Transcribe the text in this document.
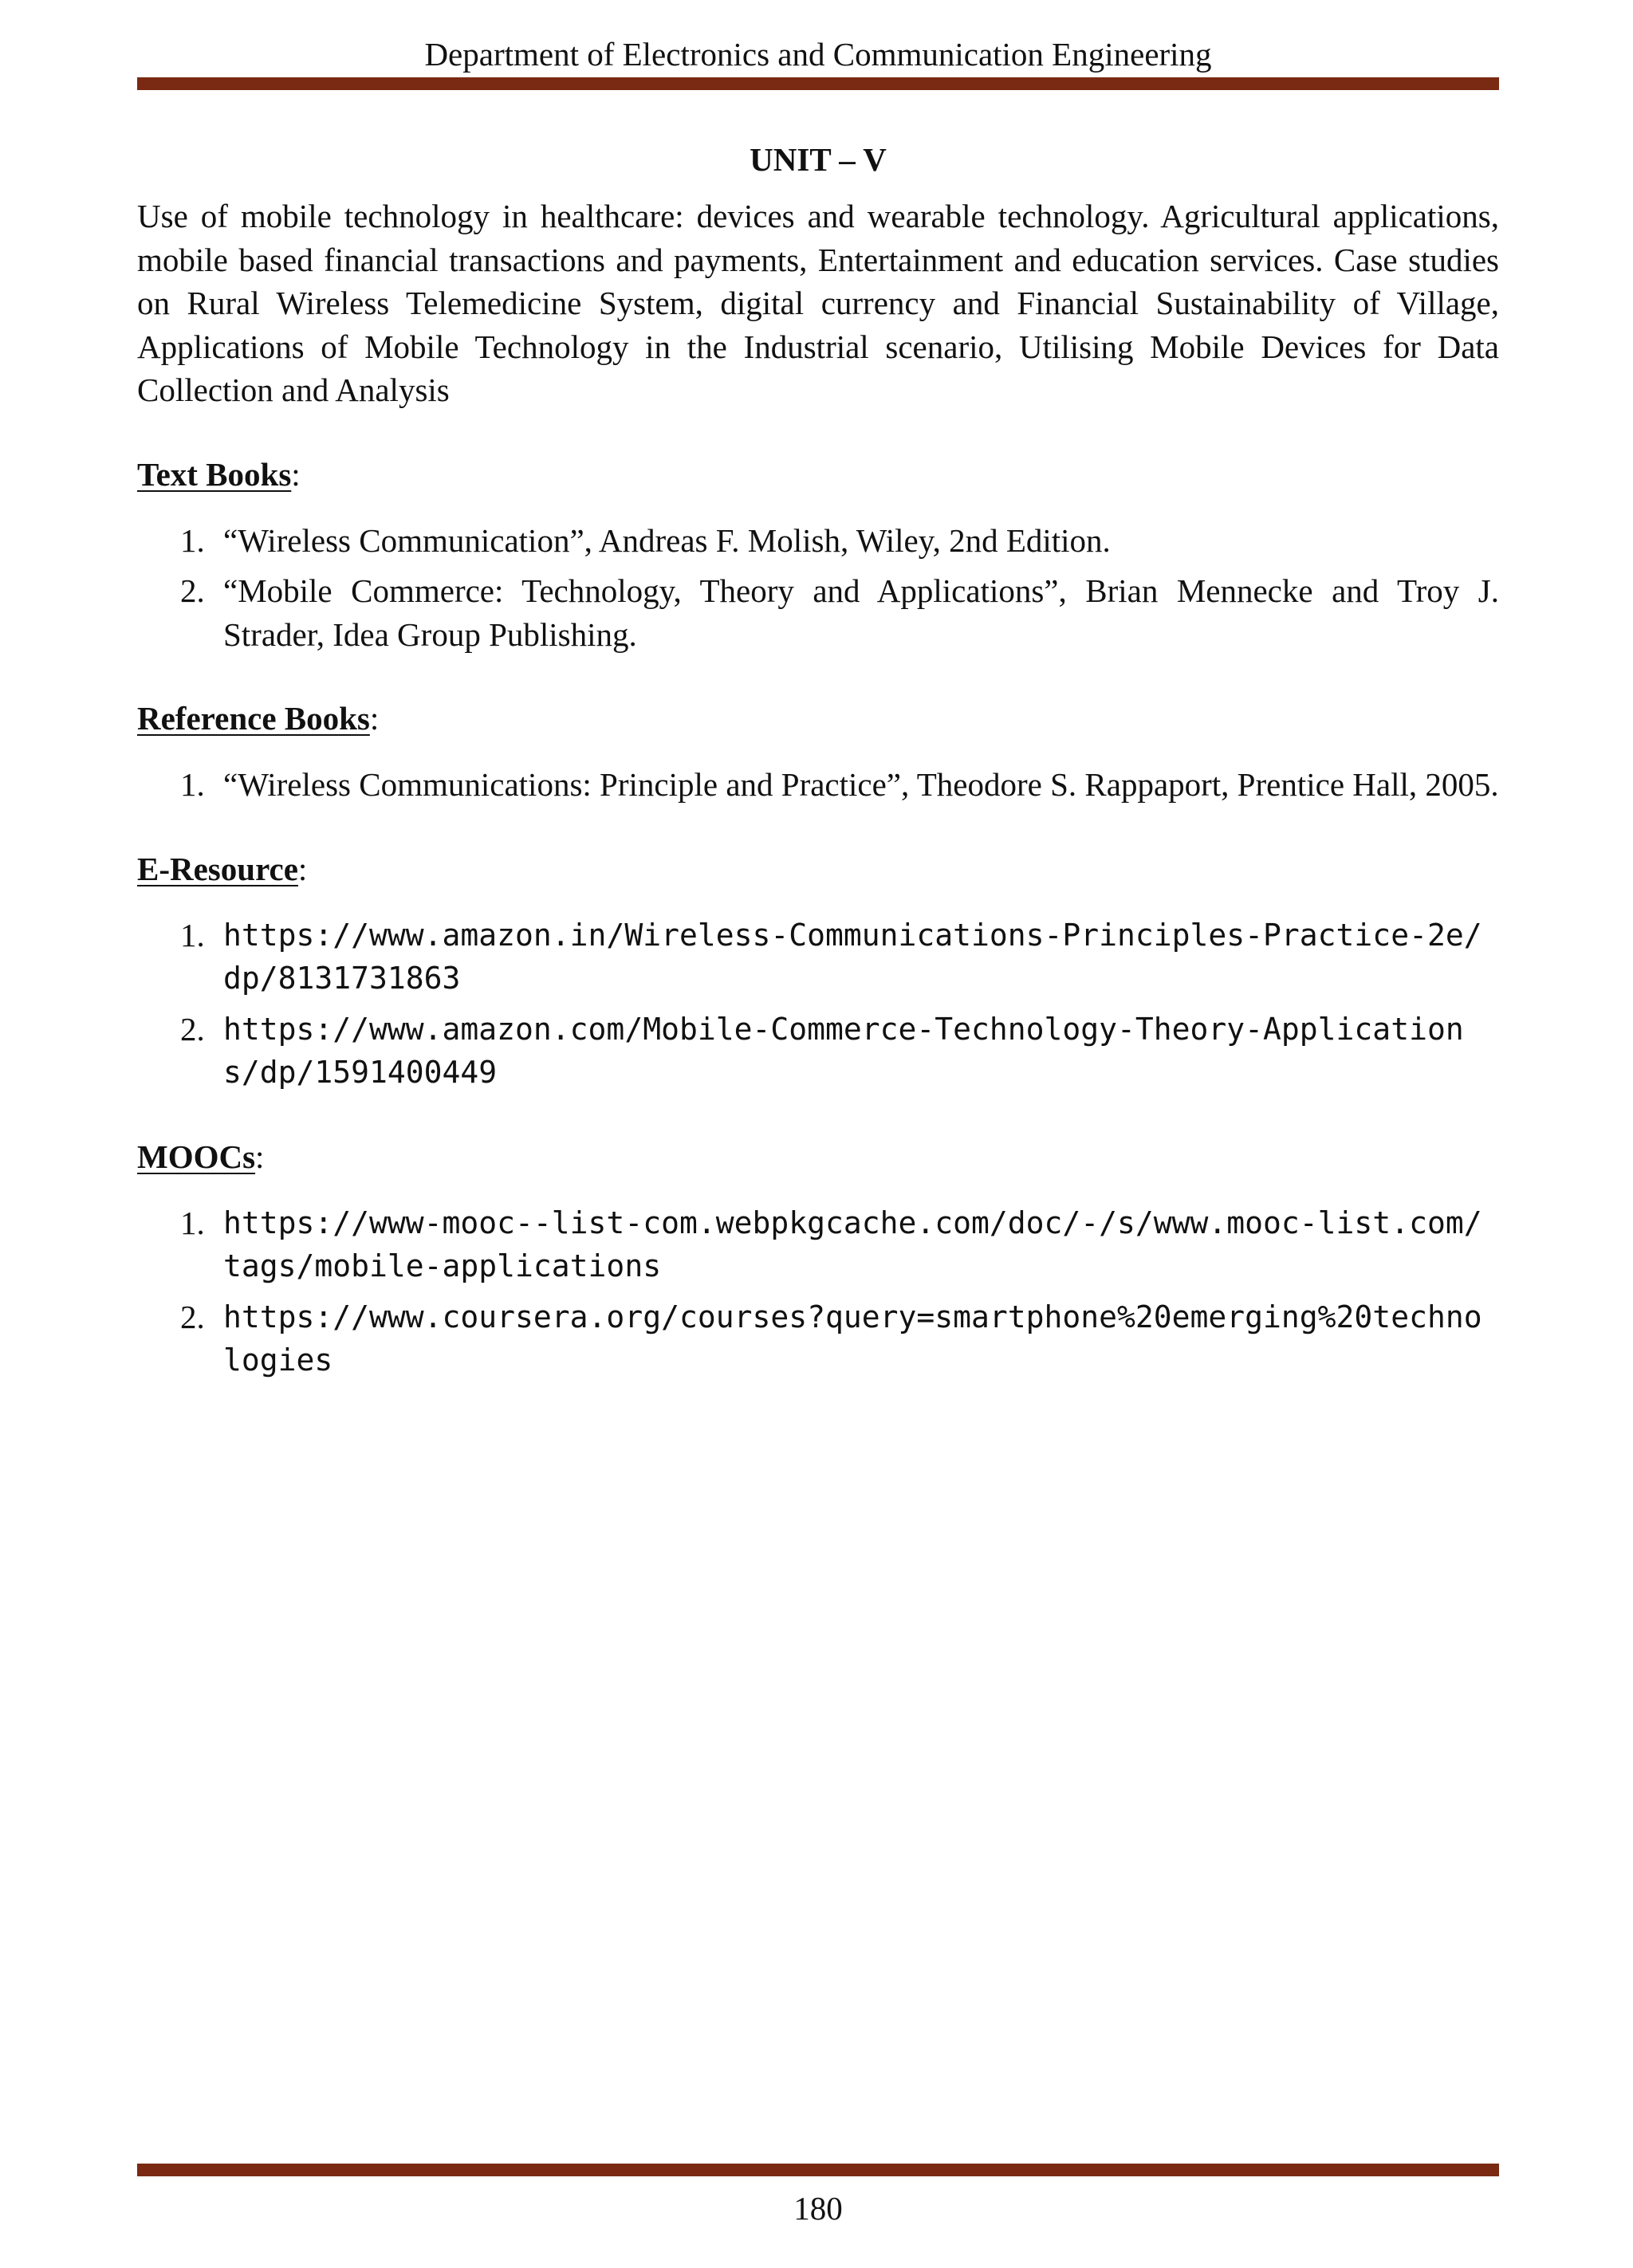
Department of Electronics and Communication Engineering
UNIT – V

Use of mobile technology in healthcare: devices and wearable technology. Agricultural applications, mobile based financial transactions and payments, Entertainment and education services. Case studies on Rural Wireless Telemedicine System, digital currency and Financial Sustainability of Village, Applications of Mobile Technology in the Industrial scenario, Utilising Mobile Devices for Data Collection and Analysis

Text Books:
1. “Wireless Communication”, Andreas F. Molish, Wiley, 2nd Edition.
2. “Mobile Commerce: Technology, Theory and Applications”, Brian Mennecke and Troy J. Strader, Idea Group Publishing.
Reference Books:
1. “Wireless Communications: Principle and Practice”, Theodore S. Rappaport, Prentice Hall, 2005.
E-Resource:
1. https://www.amazon.in/Wireless-Communications-Principles-Practice-2e/dp/8131731863
2. https://www.amazon.com/Mobile-Commerce-Technology-Theory-Applications/dp/1591400449
MOOCs:
1. https://www-mooc--list-com.webpkgcache.com/doc/-/s/www.mooc-list.com/tags/mobile-applications
2. https://www.coursera.org/courses?query=smartphone%20emerging%20technologies
180
